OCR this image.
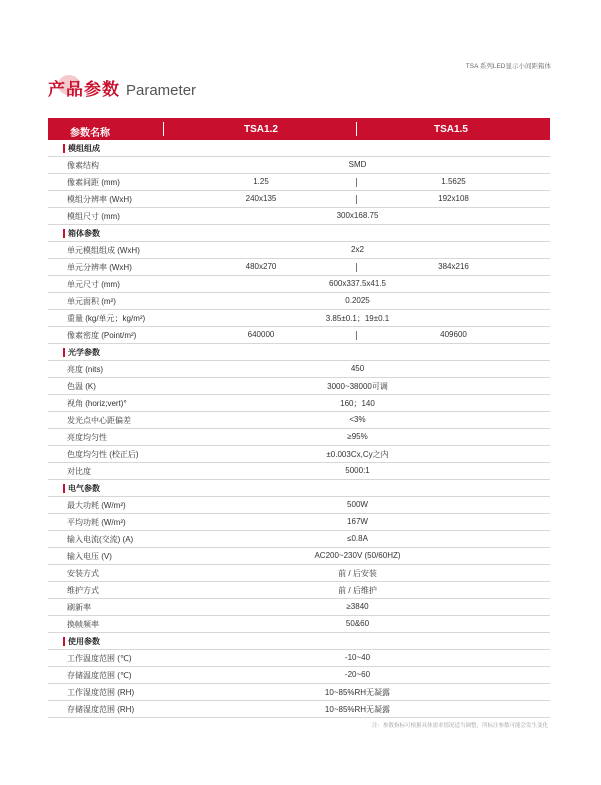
TSA 系列LED显示小间距箱体
产品参数 Parameter
参数名称	TSA1.2	TSA1.5
模组组成
像素结构	SMD
像素间距 (mm)	1.25	1.5625
模组分辨率 (WxH)	240x135	192x108
模组尺寸 (mm)	300x168.75
箱体参数
单元模组组成 (WxH)	2x2
单元分辨率 (WxH)	480x270	384x216
单元尺寸 (mm)	600x337.5x41.5
单元面积 (m²)	0.2025
重量 (kg/单元；kg/m²)	3.85±0.1；19±0.1
像素密度 (Point/m²)	640000	409600
光学参数
亮度 (nits)	450
色温 (K)	3000~38000可调
视角 (horiz;vert)°	160；140
发光点中心距偏差	<3%
亮度均匀性	≥95%
色度均匀性 (校正后)	±0.003Cx,Cy之内
对比度	5000:1
电气参数
最大功耗 (W/m²)	500W
平均功耗 (W/m²)	167W
输入电流(交流) (A)	≤0.8A
输入电压 (V)	AC200~230V (50/60HZ)
安装方式	前 / 后安装
维护方式	前 / 后维护
刷新率	≥3840
换帧频率	50&60
使用参数
工作温度范围 (℃)	-10~40
存储温度范围 (℃)	-20~60
工作湿度范围 (RH)	10~85%RH无凝露
存储湿度范围 (RH)	10~85%RH无凝露
注：参数指标可根据具体需求情况适当调整，所标注参数可能会发生变化
